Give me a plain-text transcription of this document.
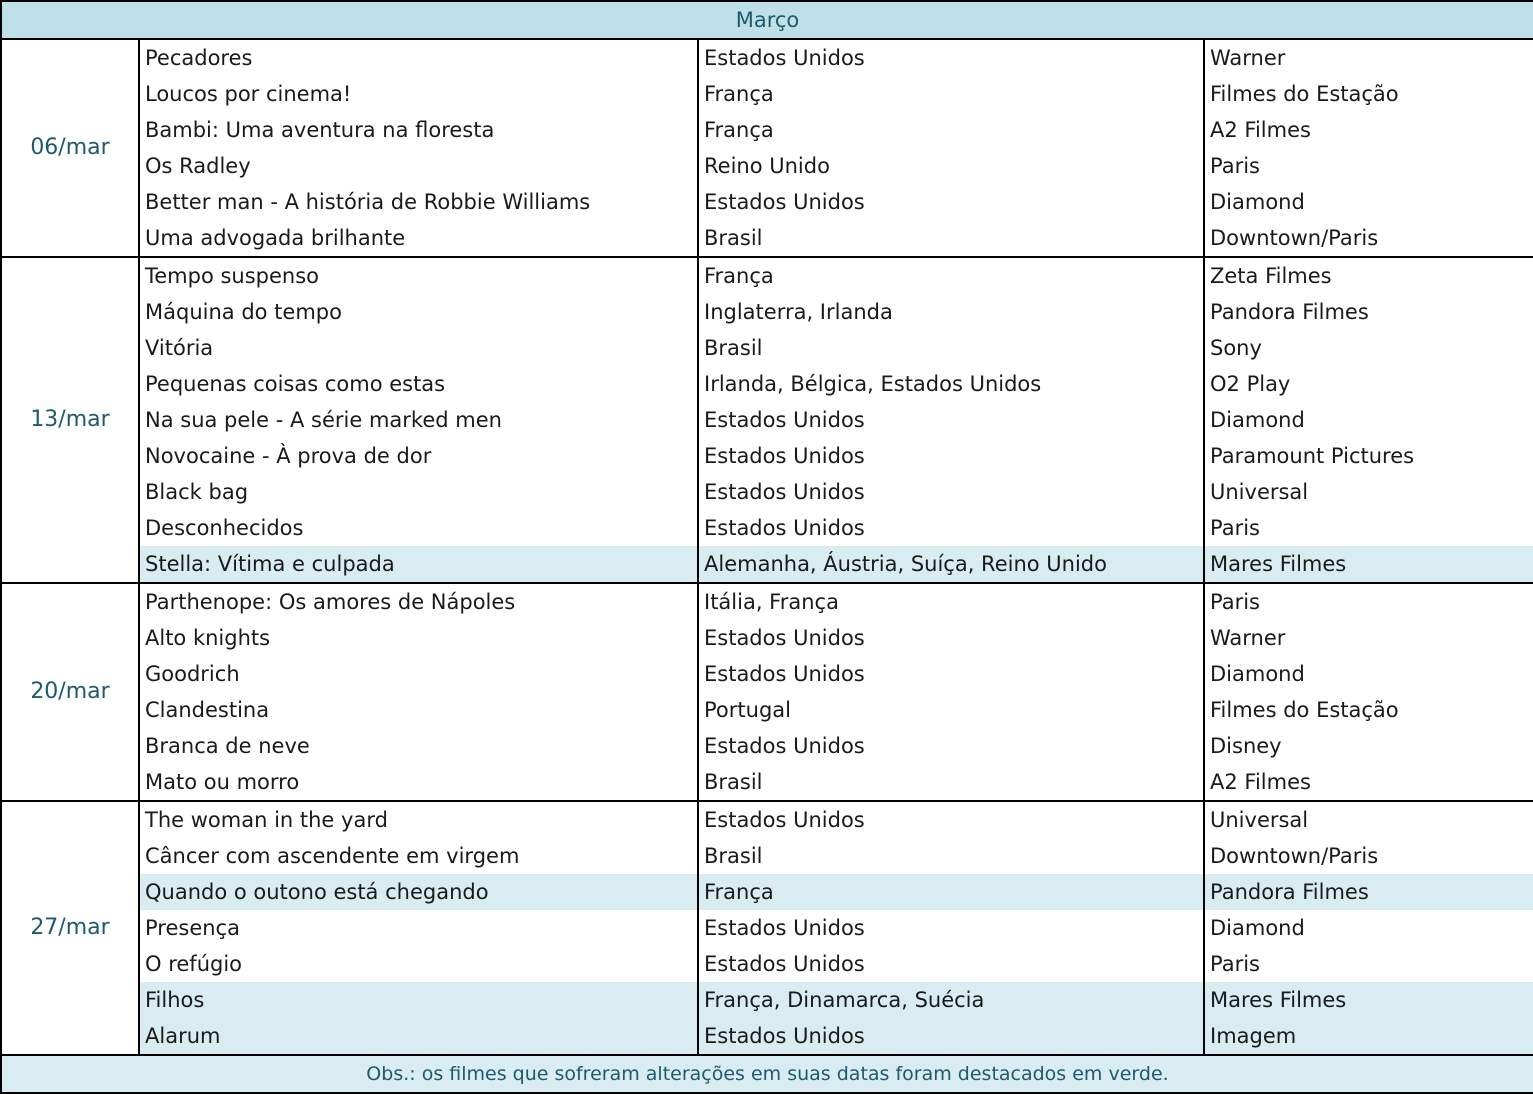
Março			
06/mar	Pecadores	Estados Unidos	Warner
	Loucos por cinema!	França	Filmes do Estação
	Bambi: Uma aventura na floresta	França	A2 Filmes
	Os Radley	Reino Unido	Paris
	Better man - A história de Robbie Williams	Estados Unidos	Diamond
	Uma advogada brilhante	Brasil	Downtown/Paris
13/mar	Tempo suspenso	França	Zeta Filmes
	Máquina do tempo	Inglaterra, Irlanda	Pandora Filmes
	Vitória	Brasil	Sony
	Pequenas coisas como estas	Irlanda, Bélgica, Estados Unidos	O2 Play
	Na sua pele - A série marked men	Estados Unidos	Diamond
	Novocaine - À prova de dor	Estados Unidos	Paramount Pictures
	Black bag	Estados Unidos	Universal
	Desconhecidos	Estados Unidos	Paris
	Stella: Vítima e culpada	Alemanha, Áustria, Suíça, Reino Unido	Mares Filmes
20/mar	Parthenope: Os amores de Nápoles	Itália, França	Paris
	Alto knights	Estados Unidos	Warner
	Goodrich	Estados Unidos	Diamond
	Clandestina	Portugal	Filmes do Estação
	Branca de neve	Estados Unidos	Disney
	Mato ou morro	Brasil	A2 Filmes
27/mar	The woman in the yard	Estados Unidos	Universal
	Câncer com ascendente em virgem	Brasil	Downtown/Paris
	Quando o outono está chegando	França	Pandora Filmes
	Presença	Estados Unidos	Diamond
	O refúgio	Estados Unidos	Paris
	Filhos	França, Dinamarca, Suécia	Mares Filmes
	Alarum	Estados Unidos	Imagem
Obs.: os filmes que sofreram alterações em suas datas foram destacados em verde.			
